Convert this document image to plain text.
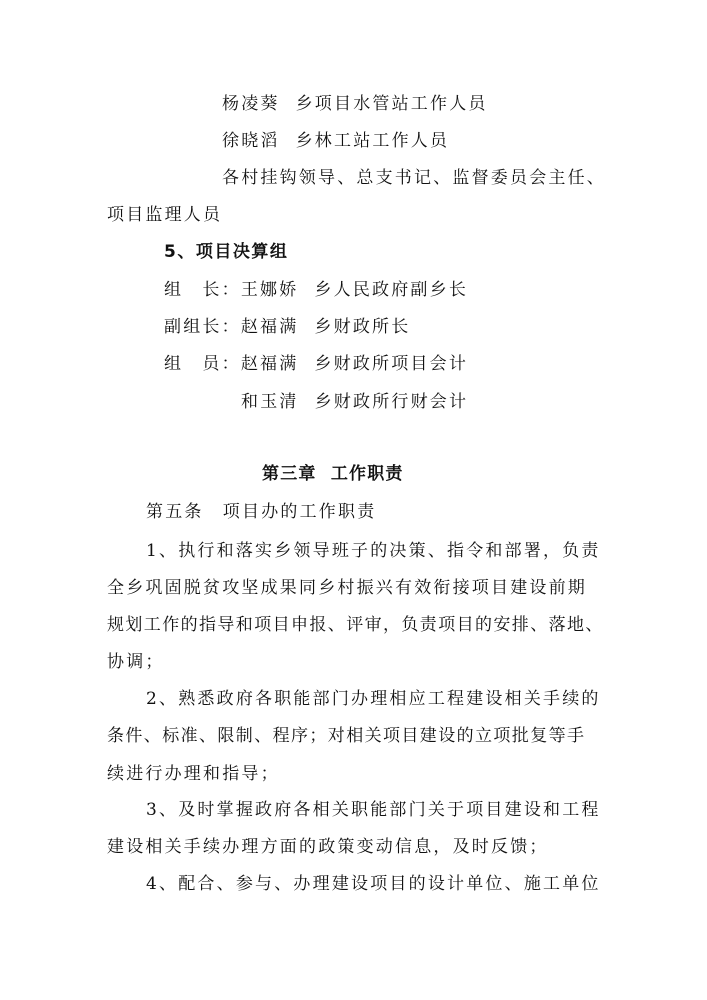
杨凌葵 乡项目水管站工作人员
徐晓滔 乡林工站工作人员
各村挂钩领导、总支书记、监督委员会主任、
项目监理人员
5、项目决算组
组　长：王娜娇 乡人民政府副乡长
副组长：赵福满 乡财政所长
组　员：赵福满 乡财政所项目会计
和玉清 乡财政所行财会计
第三章  工作职责
第五条　项目办的工作职责
1、执行和落实乡领导班子的决策、指令和部署，负责
全乡巩固脱贫攻坚成果同乡村振兴有效衔接项目建设前期
规划工作的指导和项目申报、评审，负责项目的安排、落地、
协调；
2、熟悉政府各职能部门办理相应工程建设相关手续的
条件、标准、限制、程序；对相关项目建设的立项批复等手
续进行办理和指导；
3、及时掌握政府各相关职能部门关于项目建设和工程
建设相关手续办理方面的政策变动信息，及时反馈；
4、配合、参与、办理建设项目的设计单位、施工单位
